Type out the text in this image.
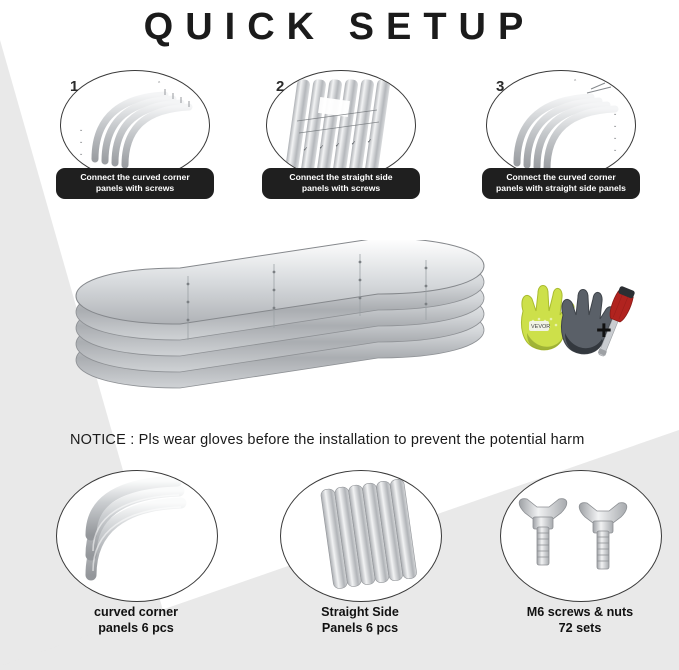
QUICK SETUP
⌄
⌄
⌄
⌃
1
Connect the curved corner
panels with screws
✓ ✓ ✓ ✓ ✓
2
Connect the straight side
panels with screws
⌄
⌄
⌄
⌄
⌃
3
Connect the curved corner
panels with straight side panels
VEVOR +
NOTICE : Pls wear gloves before the installation to prevent the potential harm
curved corner
panels 6 pcs
Straight Side
Panels 6 pcs
M6 screws & nuts
72 sets
